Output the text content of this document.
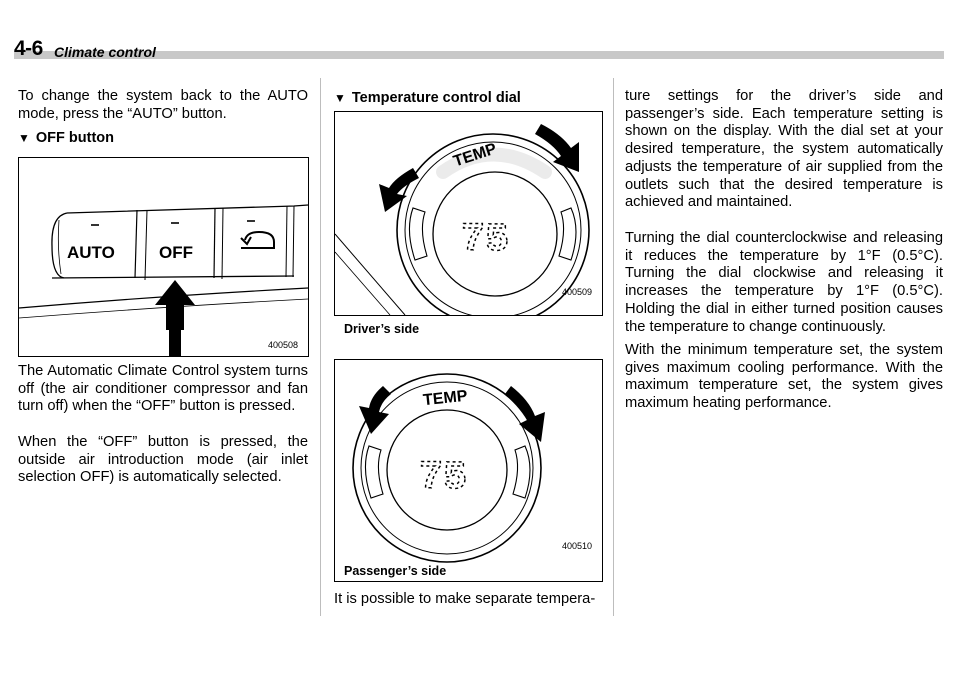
4-6 Climate control

To change the system back to the AUTO mode, press the “AUTO” button.

▼ OFF button
AUTO	OFF
400508

The Automatic Climate Control system turns off (the air conditioner compressor and fan turn off) when the “OFF” button is pressed.

When the “OFF” button is pressed, the outside air introduction mode (air inlet selection OFF) is automatically selected.

▼ Temperature control dial
TEMP
75
400509
Driver’s side
TEMP
75
400510
Passenger’s side

It is possible to make separate tempera-

ture settings for the driver’s side and passenger’s side. Each temperature setting is shown on the display. With the dial set at your desired temperature, the system automatically adjusts the temperature of air supplied from the outlets such that the desired temperature is achieved and maintained.

Turning the dial counterclockwise and releasing it reduces the temperature by 1°F (0.5°C). Turning the dial clockwise and releasing it increases the temperature by 1°F (0.5°C). Holding the dial in either turned position causes the temperature to change continuously.

With the minimum temperature set, the system gives maximum cooling performance. With the maximum temperature set, the system gives maximum heating performance.
